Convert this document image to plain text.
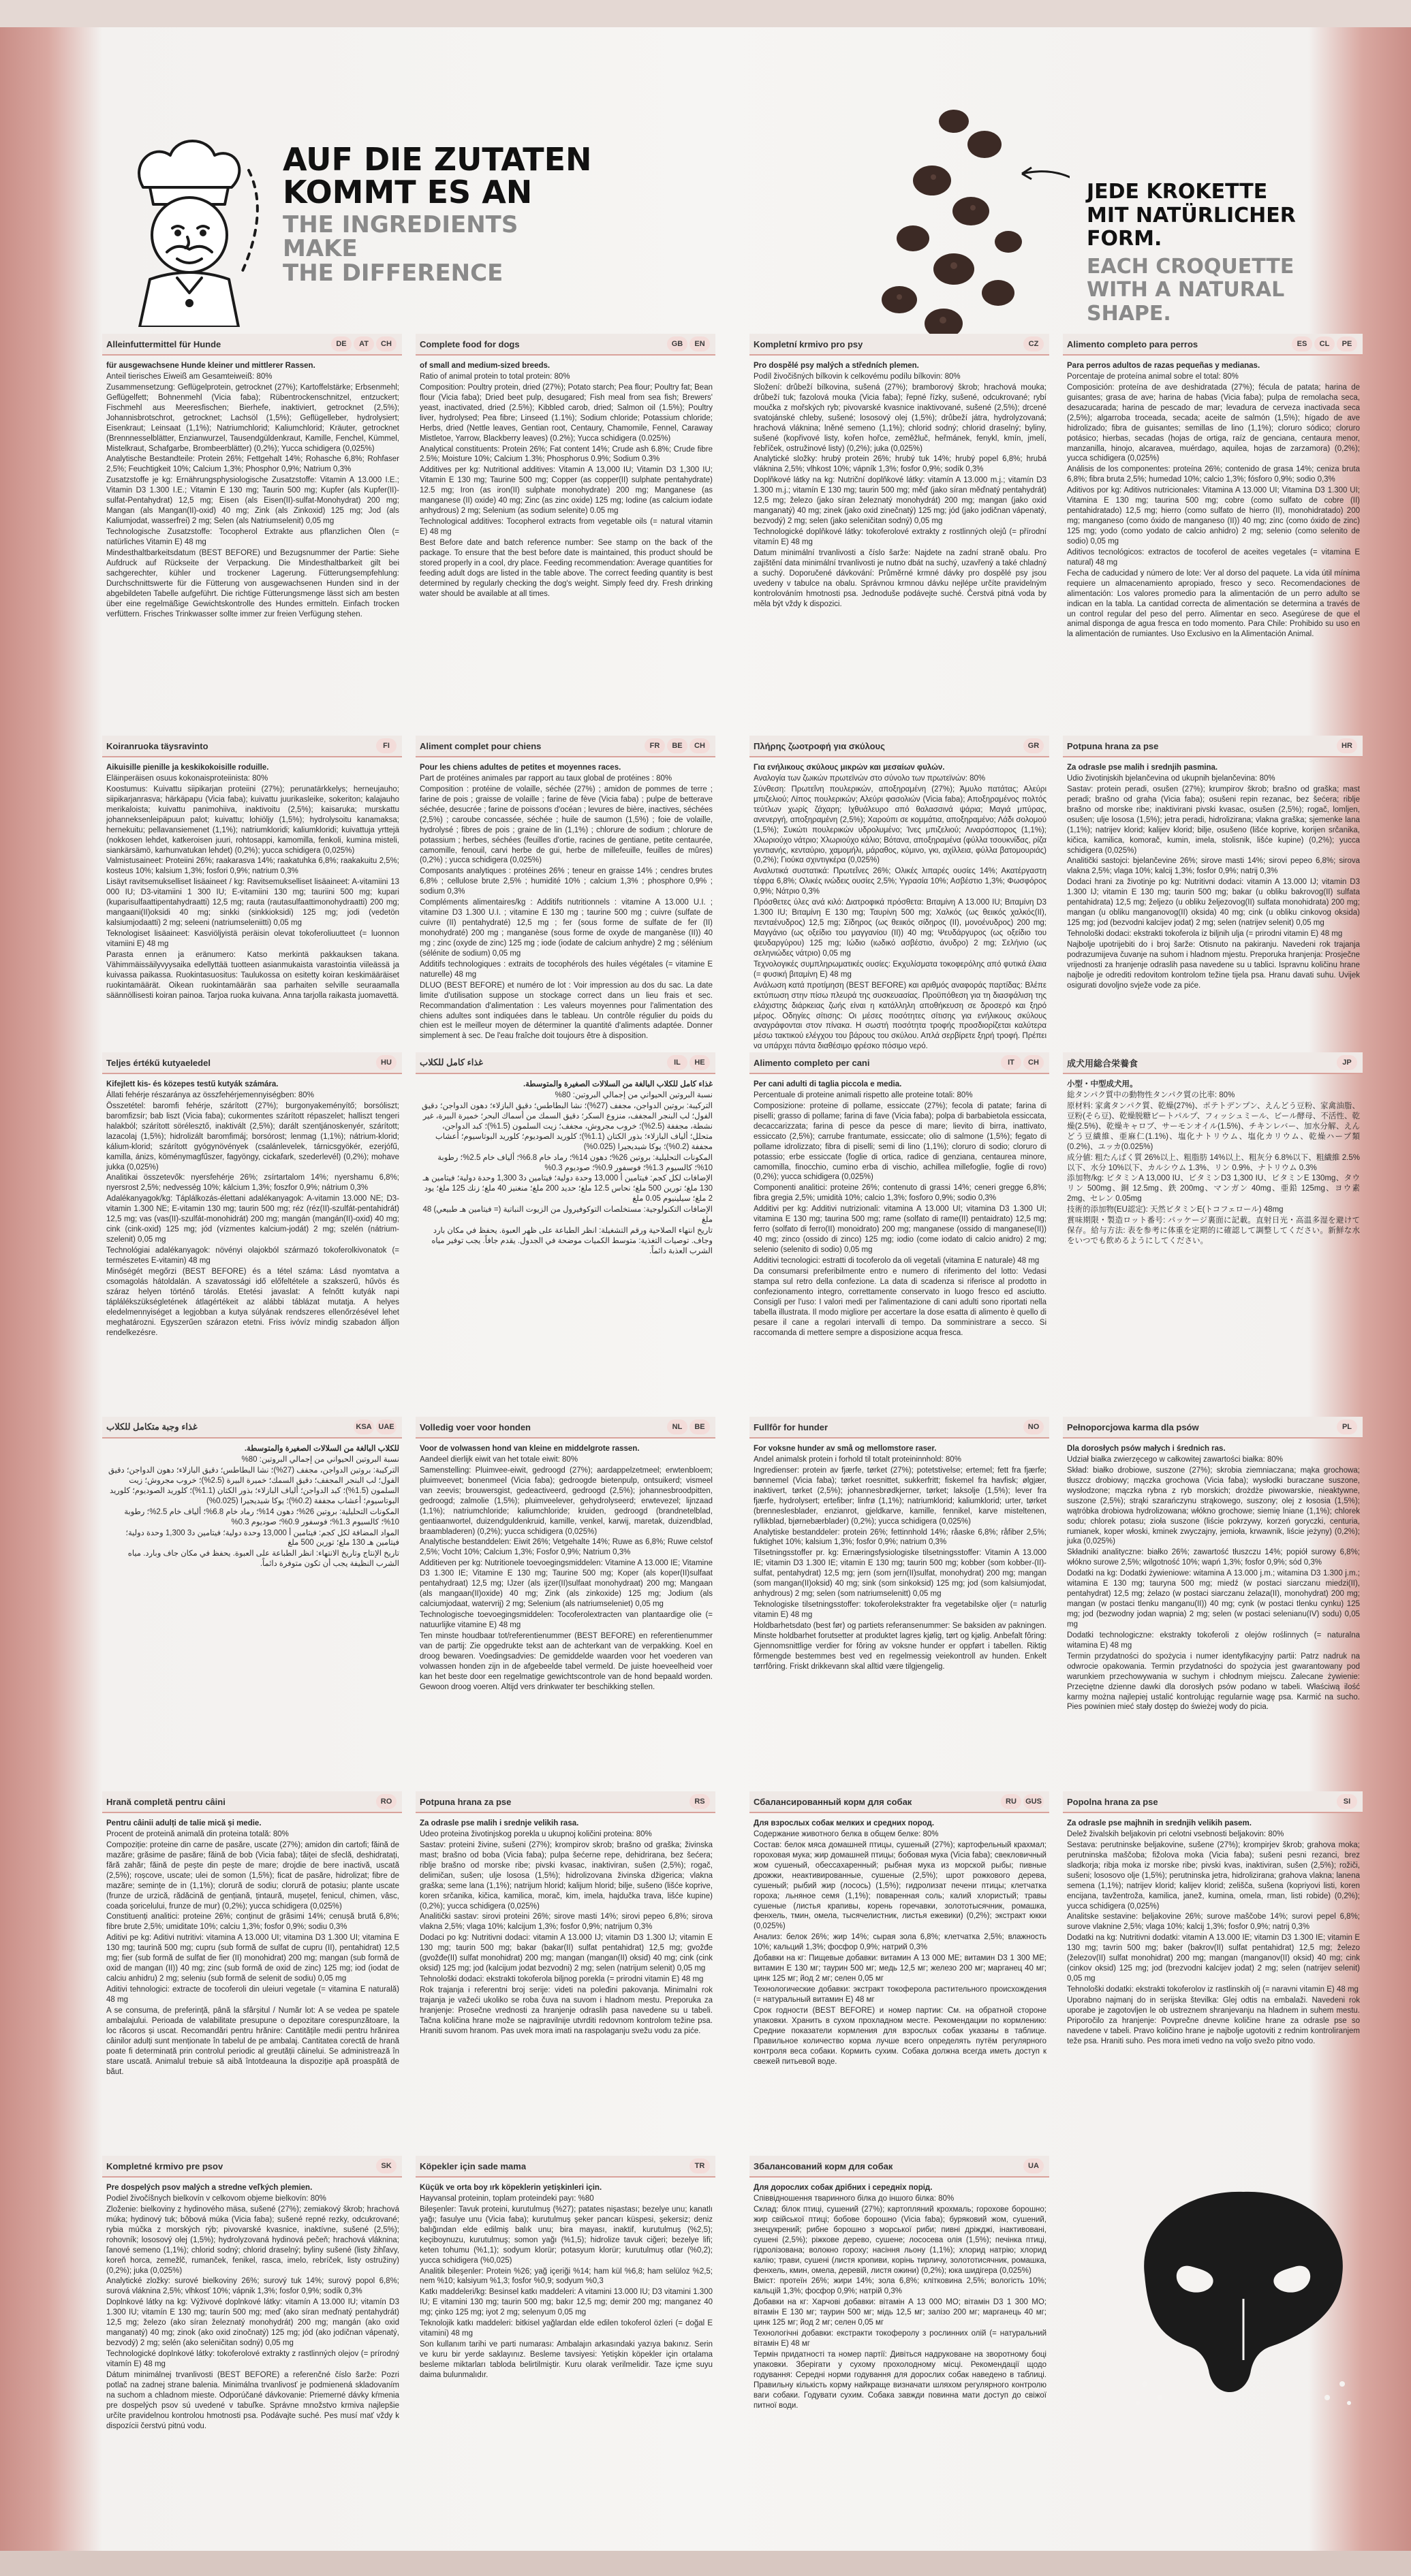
AUF DIE ZUTATEN
KOMMT ES AN
THE INGREDIENTS MAKE
THE DIFFERENCE
JEDE KROKETTE
MIT NATÜRLICHER FORM.
EACH CROQUETTE
WITH A NATURAL SHAPE.
Alleinfuttermittel für Hunde	DE	AT	CH
für ausgewachsene Hunde kleiner und mittlerer Rassen.
Anteil tierisches Eiweiß am Gesamteiweiß: 80%
Zusammensetzung: Geflügelprotein, getrocknet (27%); Kartoffelstärke; Erbsenmehl; Geflügelfett; Bohnenmehl (Vicia faba); Rübentrockenschnitzel, entzuckert; Fischmehl aus Meeresfischen; Bierhefe, inaktiviert, getrocknet (2,5%); Johannisbrotschrot, getrocknet; Lachsöl (1,5%); Geflügelleber, hydrolysiert; Eisenkraut; Leinsaat (1,1%); Natriumchlorid; Kaliumchlorid; Kräuter, getrocknet (Brennnesselblätter, Enzianwurzel, Tausendgüldenkraut, Kamille, Fenchel, Kümmel, Mistelkraut, Schafgarbe, Brombeerblätter) (0,2%); Yucca schidigera (0,025%)
Analytische Bestandteile: Protein 26%; Fettgehalt 14%; Rohasche 6,8%; Rohfaser 2,5%; Feuchtigkeit 10%; Calcium 1,3%; Phosphor 0,9%; Natrium 0,3%
Zusatzstoffe je kg: Ernährungsphysiologische Zusatzstoffe: Vitamin A 13.000 I.E.; Vitamin D3 1.300 I.E.; Vitamin E 130 mg; Taurin 500 mg; Kupfer (als Kupfer(II)-sulfat-Pentahydrat) 12,5 mg; Eisen (als Eisen(II)-sulfat-Monohydrat) 200 mg; Mangan (als Mangan(II)-oxid) 40 mg; Zink (als Zinkoxid) 125 mg; Jod (als Kaliumjodat, wasserfrei) 2 mg; Selen (als Natriumselenit) 0,05 mg
Technologische Zusatzstoffe: Tocopherol Extrakte aus pflanzlichen Ölen (= natürliches Vitamin E) 48 mg
Mindesthaltbarkeitsdatum (BEST BEFORE) und Bezugsnummer der Partie: Siehe Aufdruck auf Rückseite der Verpackung. Die Mindesthaltbarkeit gilt bei sachgerechter, kühler und trockener Lagerung. Fütterungsempfehlung: Durchschnittswerte für die Fütterung von ausgewachsenen Hunden sind in der abgebildeten Tabelle aufgeführt. Die richtige Fütterungsmenge lässt sich am besten über eine regelmäßige Gewichtskontrolle des Hundes ermitteln. Einfach trocken verfüttern. Frisches Trinkwasser sollte immer zur freien Verfügung stehen.
Complete food for dogs	GB	EN
of small and medium-sized breeds.
Ratio of animal protein to total protein: 80%
Composition: Poultry protein, dried (27%); Potato starch; Pea flour; Poultry fat; Bean flour (Vicia faba); Dried beet pulp, desugared; Fish meal from sea fish; Brewers' yeast, inactivated, dried (2.5%); Kibbled carob, dried; Salmon oil (1.5%); Poultry liver, hydrolysed; Pea fibre; Linseed (1.1%); Sodium chloride; Potassium chloride; Herbs, dried (Nettle leaves, Gentian root, Centaury, Chamomile, Fennel, Caraway Mistletoe, Yarrow, Blackberry leaves) (0.2%); Yucca schidigera (0.025%)
Analytical constituents: Protein 26%; Fat content 14%; Crude ash 6.8%; Crude fibre 2.5%; Moisture 10%; Calcium 1.3%; Phosphorus 0.9%; Sodium 0.3%
Additives per kg: Nutritional additives: Vitamin A 13,000 IU; Vitamin D3 1,300 IU; Vitamin E 130 mg; Taurine 500 mg; Copper (as copper(II) sulphate pentahydrate) 12.5 mg; Iron (as iron(II) sulphate monohydrate) 200 mg; Manganese (as manganese (II) oxide) 40 mg; Zinc (as zinc oxide) 125 mg; Iodine (as calcium iodate anhydrous) 2 mg; Selenium (as sodium selenite) 0.05 mg
Technological additives: Tocopherol extracts from vegetable oils (= natural vitamin E) 48 mg
Best Before date and batch reference number: See stamp on the back of the package. To ensure that the best before date is maintained, this product should be stored properly in a cool, dry place. Feeding recommendation: Average quantities for feeding adult dogs are listed in the table above. The correct feeding quantity is best determined by regularly checking the dog's weight. Simply feed dry. Fresh drinking water should be available at all times.
Kompletní krmivo pro psy	CZ
Pro dospělé psy malých a středních plemen.
Podíl živočišných bílkovin k celkovému podílu bílkovin: 80%
Složení: drůbeží bílkovina, sušená (27%); bramborový škrob; hrachová mouka; drůbeží tuk; fazolová mouka (Vicia faba); řepné řízky, sušené, odcukrované; rybí moučka z mořských ryb; pivovarské kvasnice inaktivované, sušené (2,5%); drcené svatojánské chleby, sušené; lososový olej (1,5%); drůbeží játra, hydrolyzovaná; hrachová vláknina; lněné semeno (1,1%); chlorid sodný; chlorid draselný; byliny, sušené (kopřivové listy, kořen hořce, zeměžluč, heřmánek, fenykl, kmín, jmelí, řebříček, ostružinové listy) (0,2%); juka (0,025%)
Analytické složky: hrubý protein 26%; hrubý tuk 14%; hrubý popel 6,8%; hrubá vláknina 2,5%; vlhkost 10%; vápník 1,3%; fosfor 0,9%; sodík 0,3%
Doplňkové látky na kg: Nutriční doplňkové látky: vitamín A 13.000 m.j.; vitamín D3 1.300 m.j.; vitamín E 130 mg; taurin 500 mg; měď (jako síran měďnatý pentahydrát) 12,5 mg; železo (jako síran železnatý monohydrát) 200 mg; mangan (jako oxid manganatý) 40 mg; zinek (jako oxid zinečnatý) 125 mg; jód (jako jodičnan vápenatý, bezvodý) 2 mg; selen (jako seleničitan sodný) 0,05 mg
Technologické doplňkové látky: tokoferolové extrakty z rostlinných olejů (= přírodní vitamín E) 48 mg
Datum minimální trvanlivosti a číslo šarže: Najdete na zadní straně obalu. Pro zajištění data minimální trvanlivosti je nutno dbát na suchý, uzavřený a také chladný a suchý. Doporučené dávkování: Průměrné krmné dávky pro dospělé psy jsou uvedeny v tabulce na obalu. Správnou krmnou dávku nejlépe určíte pravidelným kontrolováním hmotnosti psa. Jednoduše podávejte suché. Čerstvá pitná voda by měla být vždy k dispozici.
Alimento completo para perros	ES	CL	PE
Para perros adultos de razas pequeñas y medianas.
Porcentaje de proteína animal sobre el total: 80%
Composición: proteína de ave deshidratada (27%); fécula de patata; harina de guisantes; grasa de ave; harina de habas (Vicia faba); pulpa de remolacha seca, desazucarada; harina de pescado de mar; levadura de cerveza inactivada seca (2,5%); algarroba troceada, secada; aceite de salmón (1,5%); hígado de ave hidrolizado; fibra de guisantes; semillas de lino (1,1%); cloruro sódico; cloruro potásico; hierbas, secadas (hojas de ortiga, raíz de genciana, centaura menor, manzanilla, hinojo, alcaravea, muérdago, aquilea, hojas de zarzamora) (0,2%); yucca schidigera (0,025%)
Análisis de los componentes: proteína 26%; contenido de grasa 14%; ceniza bruta 6,8%; fibra bruta 2,5%; humedad 10%; calcio 1,3%; fósforo 0,9%; sodio 0,3%
Aditivos por kg: Aditivos nutricionales: Vitamina A 13.000 UI; Vitamina D3 1.300 UI; Vitamina E 130 mg; taurina 500 mg; cobre (como sulfato de cobre (II) pentahidratado) 12,5 mg; hierro (como sulfato de hierro (II), monohidratado) 200 mg; manganeso (como óxido de manganeso (II)) 40 mg; zinc (como óxido de zinc) 125 mg; yodo (como yodato de calcio anhidro) 2 mg; selenio (como selenito de sodio) 0,05 mg
Aditivos tecnológicos: extractos de tocoferol de aceites vegetales (= vitamina E natural) 48 mg
Fecha de caducidad y número de lote: Ver al dorso del paquete. La vida útil mínima requiere un almacenamiento apropiado, fresco y seco. Recomendaciones de alimentación: Los valores promedio para la alimentación de un perro adulto se indican en la tabla. La cantidad correcta de alimentación se determina a través de un control regular del peso del perro. Alimentar en seco. Asegúrese de que el animal disponga de agua fresca en todo momento. Para Chile: Prohibido su uso en la alimentación de rumiantes. Uso Exclusivo en la Alimentación Animal.
Koiranruoka täysravinto	FI
Aikuisille pienille ja keskikokoisille roduille.
Eläinperäisen osuus kokonaisproteiinista: 80%
Koostumus: Kuivattu siipikarjan proteiini (27%); perunatärkkelys; herneujauho; siipikarjanrasva; härkäpapu (Vicia faba); kuivattu juurikasleike, sokeriton; kalajauho merikaloista; kuivattu panimohiiva, inaktivoitu (2,5%); kaisaruka; murskattu johanneksenleipäpuun palot; kuivattu; lohiöljy (1,5%); hydrolysoitu kanamaksa; hernekuitu; pellavansiemenet (1,1%); natriumkloridi; kaliumkloridi; kuivattuja yrttejä (nokkosen lehdet, katkeroisen juuri, rohtosappi, kamomilla, fenkoli, kumina misteli, siankärsämö, karhunvatukan lehdet) (0,2%); yucca schidigera (0,025%)
Valmistusaineet: Proteiini 26%; raakarasva 14%; raakatuhka 6,8%; raakakuitu 2,5%; kosteus 10%; kalsium 1,3%; fosfori 0,9%; natrium 0,3%
Lisäyt ravitsemukselliset lisäaineet / kg: Ravitsemukselliset lisäaineet: A-vitamiini 13 000 IU; D3-vitamiini 1 300 IU; E-vitamiini 130 mg; tauriini 500 mg; kupari (kuparisulfaattipentahydraatti) 12,5 mg; rauta (rautasulfaattimonohydraatti) 200 mg; mangaani(II)oksidi 40 mg; sinkki (sinkkioksidi) 125 mg; jodi (vedetön kalsiumjodaatti) 2 mg; seleeni (natriumseleniitti) 0,05 mg
Teknologiset lisäaineet: Kasviöljyistä peräisin olevat tokoferoliuutteet (= luonnon vitamiini E) 48 mg
Parasta ennen ja eränumero: Katso merkintä pakkauksen takana. Vähimmäissäilyvyysaika edellyttää tuotteen asianmukaista varastointia viileässä ja kuivassa paikassa. Ruokintasuositus: Taulukossa on esitetty koiran keskimääräiset ruokintamäärät. Oikean ruokintamäärän saa parhaiten selville seuraamalla säännöllisesti koiran painoa. Tarjoa ruoka kuivana. Anna tarjolla raikasta juomavettä.
Aliment complet pour chiens	FR	BE	CH
Pour les chiens adultes de petites et moyennes races.
Part de protéines animales par rapport au taux global de protéines : 80%
Composition : protéine de volaille, séchée (27%) ; amidon de pommes de terre ; farine de pois ; graisse de volaille ; farine de fève (Vicia faba) ; pulpe de betterave séchée, desucrée ; farine de poissons d'océan ; levures de bière, inactives, séchées (2,5%) ; caroube concassée, séchée ; huile de saumon (1,5%) ; foie de volaille, hydrolysé ; fibres de pois ; graine de lin (1,1%) ; chlorure de sodium ; chlorure de potassium ; herbes, séchées (feuilles d'ortie, racines de gentiane, petite centaurée, camomille, fenouil, carvi herbe de gui, herbe de millefeuille, feuilles de mûres) (0,2%) ; yucca schidigera (0,025%)
Composants analytiques : protéines 26% ; teneur en graisse 14% ; cendres brutes 6,8% ; cellulose brute 2,5% ; humidité 10% ; calcium 1,3% ; phosphore 0,9% ; sodium 0,3%
Compléments alimentaires/kg : Additifs nutritionnels : vitamine A 13.000 U.I. ; vitamine D3 1.300 U.I. ; vitamine E 130 mg ; taurine 500 mg ; cuivre (sulfate de cuivre (II) pentahydraté) 12,5 mg ; fer (sous forme de sulfate de fer (II) monohydraté) 200 mg ; manganèse (sous forme de oxyde de manganèse (II)) 40 mg ; zinc (oxyde de zinc) 125 mg ; iode (iodate de calcium anhydre) 2 mg ; sélénium (sélénite de sodium) 0,05 mg
Additifs technologiques : extraits de tocophérols des huiles végétales (= vitamine E naturelle) 48 mg
DLUO (BEST BEFORE) et numéro de lot : Voir impression au dos du sac. La date limite d'utilisation suppose un stockage correct dans un lieu frais et sec. Recommandation d'alimentation : Les valeurs moyennes pour l'alimentation des chiens adultes sont indiquées dans le tableau. Un contrôle régulier du poids du chien est le meilleur moyen de déterminer la quantité d'aliments adaptée. Donner simplement à sec. De l'eau fraîche doit toujours être à disposition.
Πλήρης ζωοτροφή για σκύλους	GR
Για ενήλικους σκύλους μικρών και μεσαίων φυλών.
Αναλογία των ζωικών πρωτεϊνών στο σύνολο των πρωτεϊνών: 80%
Σύνθεση: Πρωτεΐνη πουλερικών, αποξηραμένη (27%); Άμυλο πατάτας; Αλεύρι μπιζελιού; Λίπος πουλερικών; Αλεύρι φασολιών (Vicia faba); Αποξηραμένος πολτός τεύτλων χωρίς ζάχαρη; Ιχθυάλευρο από θαλασσινά ψάρια; Μαγιά μπύρας, ανενεργή, αποξηραμένη (2,5%); Χαρούπι σε κομμάτια, αποξηραμένο; Λάδι σολομού (1,5%); Συκώτι πουλερικών υδρολυμένο; Ίνες μπιζελιού; Λιναρόσπορος (1,1%); Χλωριούχο νάτριο; Χλωριούχο κάλιο; Βότανα, αποξηραμένα (φύλλα τσουκνίδας, ρίζα γεντιανής, κενταύριο, χαμομήλι, μάραθος, κύμινο, γκι, αχίλλεια, φύλλα βατομουριάς) (0,2%); Γιούκα σχιντιγκέρα (0,025%)
Αναλυτικά συστατικά: Πρωτεΐνες 26%; Ολικές λιπαρές ουσίες 14%; Ακατέργαστη τέφρα 6,8%; Ολικές ινώδεις ουσίες 2,5%; Υγρασία 10%; Ασβέστιο 1,3%; Φωσφόρος 0,9%; Νάτριο 0,3%
Πρόσθετες ύλες ανά κιλό: Διατροφικά πρόσθετα: Βιταμίνη A 13.000 IU; Βιταμίνη D3 1.300 IU; Βιταμίνη E 130 mg; Ταυρίνη 500 mg; Χαλκός (ως θειικός χαλκός(II), πενταένυδρος) 12,5 mg; Σίδηρος (ως θειικός σίδηρος (II), μονοένυδρος) 200 mg; Μαγγάνιο (ως οξείδιο του μαγγανίου (II)) 40 mg; Ψευδάργυρος (ως οξείδιο του ψευδαργύρου) 125 mg; Ιώδιο (ιωδικό ασβέστιο, άνυδρο) 2 mg; Σελήνιο (ως σεληνιώδες νάτριο) 0,05 mg
Τεχνολογικές συμπληρωματικές ουσίες: Εκχυλίσματα τοκοφερόλης από φυτικά έλαια (= φυσική βιταμίνη E) 48 mg
Ανάλωση κατά προτίμηση (BEST BEFORE) και αριθμός αναφοράς παρτίδας: Βλέπε εκτύπωση στην πίσω πλευρά της συσκευασίας. Προϋπόθεση για τη διασφάλιση της ελάχιστης διάρκειας ζωής είναι η κατάλληλη αποθήκευση σε δροσερό και ξηρό μέρος. Οδηγίες σίτισης: Οι μέσες ποσότητες σίτισης για ενήλικους σκύλους αναγράφονται στον πίνακα. Η σωστή ποσότητα τροφής προσδιορίζεται καλύτερα μέσω τακτικού ελέγχου του βάρους του σκύλου. Απλά σερβίρετε ξηρή τροφή. Πρέπει να υπάρχει πάντα διαθέσιμο φρέσκο πόσιμο νερό.
Potpuna hrana za pse	HR
Za odrasle pse malih i srednjih pasmina.
Udio životinjskih bjelančevina od ukupnih bjelančevina: 80%
Sastav: protein peradi, osušen (27%); krumpirov škrob; brašno od graška; mast peradi; brašno od graha (Vicia faba); osušeni repin rezanac, bez šećera; riblje brašno od morske ribe; inaktivirani pivski kvasac, osušen (2,5%); rogač, lomljen, osušen; ulje lososa (1,5%); jetra peradi, hidrolizirana; vlakna graška; sjemenke lana (1,1%); natrijev klorid; kalijev klorid; bilje, osušeno (lišće koprive, korijen srčanika, kičica, kamilica, komorač, kumin, imela, stolisnik, lišće kupine) (0,2%); yucca schidigera (0,025%)
Analitički sastojci: bjelančevine 26%; sirove masti 14%; sirovi pepeo 6,8%; sirova vlakna 2,5%; vlaga 10%; kalcij 1,3%; fosfor 0,9%; natrij 0,3%
Dodaci hrani za životinje po kg: Nutritivni dodaci: vitamin A 13.000 IJ; vitamin D3 1.300 IJ; vitamin E 130 mg; taurin 500 mg; bakar (u obliku bakrovog(II) sulfata pentahidrata) 12,5 mg; željezo (u obliku željezovog(II) sulfata monohidrata) 200 mg; mangan (u obliku manganovog(II) oksida) 40 mg; cink (u obliku cinkovog oksida) 125 mg; jod (bezvodni kalcijev jodat) 2 mg; selen (natrijev selenit) 0,05 mg
Tehnološki dodaci: ekstrakti tokoferola iz biljnih ulja (= prirodni vitamin E) 48 mg
Najbolje upotrijebiti do i broj šarže: Otisnuto na pakiranju. Navedeni rok trajanja podrazumijeva čuvanje na suhom i hladnom mjestu. Preporuka hranjenja: Prosječne vrijednosti za hranjenje odraslih pasa navedene su u tablici. Ispravnu količinu hrane najbolje je odrediti redovitom kontrolom težine tijela psa. Hranu davati suhu. Uvijek osigurati dovoljno svježe vode za piće.
Teljes értékű kutyaeledel	HU
Kifejlett kis- és közepes testű kutyák számára.
Állati fehérje részaránya az összfehérjemennyiségben: 80%
Összetétel: baromfi fehérje, szárított (27%); burgonyakeményítő; borsóliszt; baromfizsír; bab liszt (Vicia faba); cukormentes szárított répaszelet; halliszt tengeri halakból; szárított sörélesztő, inaktivált (2,5%); darált szentjánoskenyér, szárított; lazacolaj (1,5%); hidrolizált baromfimáj; borsórost; lenmag (1,1%); nátrium-klorid; kálium-klorid; szárított gyógynövények (csalánlevelek, tárnicsgyökér, ezerjófű, kamilla, ánizs, köménymagfűszer, fagyöngy, cickafark, szederlevél) (0,2%); mohave jukka (0,025%)
Analitikai összetevők: nyersfehérje 26%; zsírtartalom 14%; nyershamu 6,8%; nyersrost 2,5%; nedvesség 10%; kálcium 1,3%; foszfor 0,9%; nátrium 0,3%
Adalékanyagok/kg: Táplálkozás-élettani adalékanyagok: A-vitamin 13.000 NE; D3-vitamin 1.300 NE; E-vitamin 130 mg; taurin 500 mg; réz (réz(II)-szulfát-pentahidrát) 12,5 mg; vas (vas(II)-szulfát-monohidrát) 200 mg; mangán (mangán(II)-oxid) 40 mg; cink (cink-oxid) 125 mg; jód (vízmentes kalcium-jodát) 2 mg; szelén (nátrium-szelenit) 0,05 mg
Technológiai adalékanyagok: növényi olajokból származó tokoferolkivonatok (= természetes E-vitamin) 48 mg
Minőségét megőrzi (BEST BEFORE) és a tétel száma: Lásd nyomtatva a csomagolás hátoldalán. A szavatossági idő előfeltétele a szakszerű, hűvös és száraz helyen történő tárolás. Etetési javaslat: A felnőtt kutyák napi táplálékszükségletének átlagértékeit az alábbi táblázat mutatja. A helyes eledelmennyiséget a legjobban a kutya súlyának rendszeres ellenőrzésével lehet meghatározni. Egyszerűen szárazon etetni. Friss ivóvíz mindig szabadon álljon rendelkezésre.
غذاء كامل للكلاب	IL	HE
غذاء كامل للكلاب البالغة من السلالات الصغيرة والمتوسطة.
نسبة البروتين الحيواني من إجمالي البروتين: 80%
التركيبة: بروتين الدواجن، مجفف (27%)؛ نشا البطاطس؛ دقيق البازلاء؛ دهون الدواجن؛ دقيق الفول؛ لب البنجر المجفف، منزوع السكر؛ دقيق السمك من أسماك البحر؛ خميرة البيرة، غير نشطة، مجففة (2.5%)؛ خروب مجروش، مجفف؛ زيت السلمون (1.5%)؛ كبد الدواجن، متحلل؛ ألياف البازلاء؛ بذور الكتان (1.1%)؛ كلوريد الصوديوم؛ كلوريد البوتاسيوم؛ أعشاب مجففة (0.2%)؛ يوكا شيديجيرا (0.025%)
المكونات التحليلية: بروتين 26%؛ دهون 14%؛ رماد خام 6.8%؛ ألياف خام 2.5%؛ رطوبة 10%؛ كالسيوم 1.3%؛ فوسفور 0.9%؛ صوديوم 0.3%
الإضافات لكل كجم: فيتامين أ 13,000 وحدة دولية؛ فيتامين د3 1,300 وحدة دولية؛ فيتامين هـ 130 ملغ؛ تورين 500 ملغ؛ نحاس 12.5 ملغ؛ حديد 200 ملغ؛ منغنيز 40 ملغ؛ زنك 125 ملغ؛ يود 2 ملغ؛ سيلينيوم 0.05 ملغ
الإضافات التكنولوجية: مستخلصات التوكوفيرول من الزيوت النباتية (= فيتامين هـ طبيعي) 48 ملغ
تاريخ انتهاء الصلاحية ورقم التشغيلة: انظر الطباعة على ظهر العبوة. يحفظ في مكان بارد وجاف. توصيات التغذية: متوسط الكميات موضحة في الجدول. يقدم جافاً. يجب توفير مياه الشرب العذبة دائماً.
Alimento completo per cani	IT	CH
Per cani adulti di taglia piccola e media.
Percentuale di proteine animali rispetto alle proteine totali: 80%
Composizione: proteine di pollame, essiccate (27%); fecola di patate; farina di piselli; grasso di pollame; farina di fave (Vicia faba); polpa di barbabietola essiccata, decaccarizzata; farina di pesce da pesce di mare; lievito di birra, inattivato, essiccato (2,5%); carrube frantumate, essiccate; olio di salmone (1,5%); fegato di pollame idrolizzato; fibra di piselli; semi di lino (1,1%); cloruro di sodio; cloruro di potassio; erbe essiccate (foglie di ortica, radice di genziana, centaurea minore, camomilla, finocchio, cumino erba di vischio, achillea millefoglie, foglie di rovo) (0,2%); yucca schidigera (0,025%)
Componenti analitici: proteine 26%; contenuto di grassi 14%; ceneri gregge 6,8%; fibra gregia 2,5%; umidità 10%; calcio 1,3%; fosforo 0,9%; sodio 0,3%
Additivi per kg: Additivi nutrizionali: vitamina A 13.000 UI; vitamina D3 1.300 UI; vitamina E 130 mg; taurina 500 mg; rame (solfato di rame(II) pentaidrato) 12,5 mg; ferro (solfato di ferro(II) monoidrato) 200 mg; manganese (ossido di manganese(II)) 40 mg; zinco (ossido di zinco) 125 mg; iodio (come iodato di calcio anidro) 2 mg; selenio (selenito di sodio) 0,05 mg
Additivi tecnologici: estratti di tocoferolo da oli vegetali (vitamina E naturale) 48 mg
Da consumarsi preferibilmente entro e numero di riferimento del lotto: Vedasi stampa sul retro della confezione. La data di scadenza si riferisce al prodotto in confezionamento integro, correttamente conservato in luogo fresco ed asciutto. Consigli per l'uso: I valori medi per l'alimentazione di cani adulti sono riportati nella tabella illustrata. Il modo migliore per accertare la dose esatta di alimento è quello di pesare il cane a regolari intervalli di tempo. Da somministrare a secco. Si raccomanda di mettere sempre a disposizione acqua fresca.
成犬用総合栄養食	JP
小型・中型成犬用。
総タンパク質中の動物性タンパク質の比率: 80%
原材料: 家禽タンパク質、乾燥(27%)、ポテトデンプン、えんどう豆粉、家禽油脂、豆粉(そら豆)、乾燥脱糖ビートパルプ、フィッシュミール、ビール酵母、不活性、乾燥(2.5%)、乾燥キャロブ、サーモンオイル(1.5%)、チキンレバー、加水分解、えんどう豆繊維、亜麻仁(1.1%)、塩化ナトリウム、塩化カリウム、乾燥ハーブ類(0.2%)、ユッカ(0.025%)
成分値: 粗たんぱく質 26%以上、粗脂肪 14%以上、粗灰分 6.8%以下、粗繊維 2.5%以下、水分 10%以下、カルシウム 1.3%、リン 0.9%、ナトリウム 0.3%
添加物/kg: ビタミンA 13,000 IU、ビタミンD3 1,300 IU、ビタミンE 130mg、タウリン 500mg、銅 12.5mg、鉄 200mg、マンガン 40mg、亜鉛 125mg、ヨウ素 2mg、セレン 0.05mg
技術的添加物(EU認定): 天然ビタミンE(トコフェロール) 48mg
賞味期限・製造ロット番号: パッケージ裏面に記載。直射日光・高温多湿を避けて保存。給与方法: 表を参考に体重を定期的に確認して調整してください。新鮮な水をいつでも飲めるようにしてください。
غذاء وجبة متكامل للكلاب	KSA UAE
للكلاب البالغة من السلالات الصغيرة والمتوسطة.
نسبة البروتين الحيواني من إجمالي البروتين: 80%
التركيبة: بروتين الدواجن، مجفف (27%)؛ نشا البطاطس؛ دقيق البازلاء؛ دهون الدواجن؛ دقيق الفول؛ لب البنجر المجفف؛ دقيق السمك؛ خميرة البيرة (2.5%)؛ خروب مجروش؛ زيت السلمون (1.5%)؛ كبد الدواجن؛ ألياف البازلاء؛ بذور الكتان (1.1%)؛ كلوريد الصوديوم؛ كلوريد البوتاسيوم؛ أعشاب مجففة (0.2%)؛ يوكا شيديجيرا (0.025%)
المكونات التحليلية: بروتين 26%؛ دهون 14%؛ رماد خام 6.8%؛ ألياف خام 2.5%؛ رطوبة 10%؛ كالسيوم 1.3%؛ فوسفور 0.9%؛ صوديوم 0.3%
المواد المضافة لكل كجم: فيتامين أ 13,000 وحدة دولية؛ فيتامين د3 1,300 وحدة دولية؛ فيتامين هـ 130 ملغ؛ تورين 500 ملغ
تاريخ الإنتاج وتاريخ الانتهاء: انظر الطباعة على العبوة. يحفظ في مكان جاف وبارد. مياه الشرب النظيفة يجب أن تكون متوفرة دائماً.
Volledig voer voor honden	NL	BE
Voor de volwassen hond van kleine en middelgrote rassen.
Aandeel dierlijk eiwit van het totale eiwit: 80%
Samenstelling: Pluimvee-eiwit, gedroogd (27%); aardappelzetmeel; erwtenbloem; pluimveevet; bonenmeel (Vicia faba); gedroogde bietenpulp, ontsuikerd; vismeel van zeevis; brouwersgist, gedeactiveerd, gedroogd (2,5%); johannesbroodpitten, gedroogd; zalmolie (1,5%); pluimveelever, gehydrolyseerd; erwtevezel; lijnzaad (1,1%); natriumchloride; kaliumchloride; kruiden, gedroogd (brandnetelblad, gentiaanwortel, duizendguldenkruid, kamille, venkel, karwij, maretak, duizendblad, braambladeren) (0,2%); yucca schidigera (0,025%)
Analytische bestanddelen: Eiwit 26%; Vetgehalte 14%; Ruwe as 6,8%; Ruwe celstof 2,5%; Vocht 10%; Calcium 1,3%; Fosfor 0,9%; Natrium 0,3%
Additieven per kg: Nutritionele toevoegingsmiddelen: Vitamine A 13.000 IE; Vitamine D3 1.300 IE; Vitamine E 130 mg; Taurine 500 mg; Koper (als koper(II)sulfaat pentahydraat) 12,5 mg; IJzer (als ijzer(II)sulfaat monohydraat) 200 mg; Mangaan (als mangaan(II)oxide) 40 mg; Zink (als zinkoxide) 125 mg; Jodium (als calciumjodaat, watervrij) 2 mg; Selenium (als natriumseleniet) 0,05 mg
Technologische toevoegingsmiddelen: Tocoferolextracten van plantaardige olie (= natuurlijke vitamine E) 48 mg
Ten minste houdbaar tot/referentienummer (BEST BEFORE) en referentienummer van de partij: Zie opgedrukte tekst aan de achterkant van de verpakking. Koel en droog bewaren. Voedingsadvies: De gemiddelde waarden voor het voederen van volwassen honden zijn in de afgebeelde tabel vermeld. De juiste hoeveelheid voer kan het beste door een regelmatige gewichtscontrole van de hond bepaald worden. Gewoon droog voeren. Altijd vers drinkwater ter beschikking stellen.
Fullfôr for hunder	NO
For voksne hunder av små og mellomstore raser.
Andel animalsk protein i forhold til totalt proteininnhold: 80%
Ingredienser: protein av fjærfe, tørket (27%); potetstivelse; ertemel; fett fra fjærfe; bønnemel (Vicia faba); tørket roesnittet, sukkerfritt; fiskemel fra havfisk; ølgjær, inaktivert, tørket (2,5%); johannesbrødkjerner, tørket; laksolje (1,5%); lever fra fjærfe, hydrolysert; ertefiber; linfrø (1,1%); natriumklorid; kaliumklorid; urter, tørket (brenneslesblader, enzianrot, gjeldkarve, kamille, fennikel, karve misteltenen, ryllikblad, bjørnebærblader) (0,2%); yucca schidigera (0,025%)
Analytiske bestanddeler: protein 26%; fettinnhold 14%; råaske 6,8%; råfiber 2,5%; fuktighet 10%; kalsium 1,3%; fosfor 0,9%; natrium 0,3%
Tilsetningsstoffer pr. kg: Ernæringsfysiologiske tilsetningsstoffer: Vitamin A 13.000 IE; vitamin D3 1.300 IE; vitamin E 130 mg; taurin 500 mg; kobber (som kobber-(II)-sulfat, pentahydrat) 12,5 mg; jern (som jern(II)sulfat, monohydrat) 200 mg; mangan (som mangan(II)oksid) 40 mg; sink (som sinkoksid) 125 mg; jod (som kalsiumjodat, anhydrous) 2 mg; selen (som natriumselenitt) 0,05 mg
Teknologiske tilsetningsstoffer: tokoferolekstrakter fra vegetabilske oljer (= naturlig vitamin E) 48 mg
Holdbarhetsdato (best før) og partiets referansenummer: Se baksiden av pakningen. Minste holdbarhet forutsetter at produktet lagres kjølig, tørt og kjølig. Anbefalt fôring: Gjennomsnittlige verdier for fôring av voksne hunder er oppført i tabellen. Riktig fôrmengde bestemmes best ved en regelmessig veiekontroll av hunden. Enkelt tørrfôring. Friskt drikkevann skal alltid være tilgjengelig.
Pełnoporcjowa karma dla psów	PL
Dla dorosłych psów małych i średnich ras.
Udział białka zwierzęcego w całkowitej zawartości białka: 80%
Skład: białko drobiowe, suszone (27%); skrobia ziemniaczana; mąka grochowa; tłuszcz drobiowy; mączka grochowa (Vicia faba); wysłodki buraczane suszone, wysłodzone; mączka rybna z ryb morskich; drożdże piwowarskie, nieaktywne, suszone (2,5%); strąki szarańczynu strąkowego, suszony; olej z łososia (1,5%); wątróbka drobiowa hydrolizowana; włókno grochowe; siemię lniane (1,1%); chlorek sodu; chlorek potasu; zioła suszone (liście pokrzywy, korzeń goryczki, centuria, rumianek, koper włoski, kminek zwyczajny, jemioła, krwawnik, liście jeżyny) (0,2%); juka (0,025%)
Składniki analityczne: białko 26%; zawartość tłuszczu 14%; popiół surowy 6,8%; włókno surowe 2,5%; wilgotność 10%; wapń 1,3%; fosfor 0,9%; sód 0,3%
Dodatki na kg: Dodatki żywieniowe: witamina A 13.000 j.m.; witamina D3 1.300 j.m.; witamina E 130 mg; tauryna 500 mg; miedź (w postaci siarczanu miedzi(II), pentahydrat) 12,5 mg; żelazo (w postaci siarczanu żelaza(II), monohydrat) 200 mg; mangan (w postaci tlenku manganu(II)) 40 mg; cynk (w postaci tlenku cynku) 125 mg; jod (bezwodny jodan wapnia) 2 mg; selen (w postaci selenianu(IV) sodu) 0,05 mg
Dodatki technologiczne: ekstrakty tokoferoli z olejów roślinnych (= naturalna witamina E) 48 mg
Termin przydatności do spożycia i numer identyfikacyjny partii: Patrz nadruk na odwrocie opakowania. Termin przydatności do spożycia jest gwarantowany pod warunkiem przechowywania w suchym i chłodnym miejscu. Zalecane żywienie: Przeciętne dzienne dawki dla dorosłych psów podano w tabeli. Właściwą ilość karmy można najlepiej ustalić kontrolując regularnie wagę psa. Karmić na sucho. Pies powinien mieć stały dostęp do świeżej wody do picia.
Hrană completă pentru câini	RO
Pentru câinii adulți de talie mică și medie.
Procent de proteină animală din proteina totală: 80%
Compoziție: proteine din carne de pasăre, uscate (27%); amidon din cartofi; făină de mazăre; grăsime de pasăre; făină de bob (Vicia faba); tăiței de sfeclă, deshidratați, fără zahăr; făină de pește din pește de mare; drojdie de bere inactivă, uscată (2,5%); roșcove, uscate; ulei de somon (1,5%); ficat de pasăre, hidrolizat; fibre de mazăre; semințe de in (1,1%); clorură de sodiu; clorură de potasiu; plante uscate (frunze de urzică, rădăcină de gențiană, țintaură, mușețel, fenicul, chimen, vâsc, coada șoricelului, frunze de mur) (0,2%); yucca schidigera (0,025%)
Constituenți analitici: proteine 26%; conținut de grăsimi 14%; cenușă brută 6,8%; fibre brute 2,5%; umiditate 10%; calciu 1,3%; fosfor 0,9%; sodiu 0,3%
Aditivi pe kg: Aditivi nutritivi: vitamina A 13.000 UI; vitamina D3 1.300 UI; vitamina E 130 mg; taurină 500 mg; cupru (sub formă de sulfat de cupru (II), pentahidrat) 12,5 mg; fier (sub formă de sulfat de fier (II) monohidrat) 200 mg; mangan (sub formă de oxid de mangan (II)) 40 mg; zinc (sub formă de oxid de zinc) 125 mg; iod (iodat de calciu anhidru) 2 mg; seleniu (sub formă de selenit de sodiu) 0,05 mg
Aditivi tehnologici: extracte de tocoferoli din uleiuri vegetale (= vitamina E naturală) 48 mg
A se consuma, de preferință, până la sfârșitul / Număr lot: A se vedea pe spatele ambalajului. Perioada de valabilitate presupune o depozitare corespunzătoare, la loc răcoros și uscat. Recomandări pentru hrănire: Cantitățile medii pentru hrănirea câinilor adulți sunt menționate în tabelul de pe ambalaj. Cantitatea corectă de hrană poate fi determinată prin controlul periodic al greutății câinelui. Se administrează în stare uscată. Animalul trebuie să aibă întotdeauna la dispoziție apă proaspătă de băut.
Potpuna hrana za pse	RS
Za odrasle pse malih i srednje velikih rasa.
Udeo proteina životinjskog porekla u ukupnoj količini proteina: 80%
Sastav: proteini živine, sušeni (27%); krompirov skrob; brašno od graška; živinska mast; brašno od boba (Vicia faba); pulpa šećerne repe, dehidrirana, bez šećera; riblje brašno od morske ribe; pivski kvasac, inaktiviran, sušen (2,5%); rogač, delimičan, sušen; ulje lososa (1,5%); hidrolizovana živinska džigerica; vlakna graška; seme lana (1,1%); natrijum hlorid; kalijum hlorid; bilje, sušeno (lišće koprive, koren srčanika, kičica, kamilica, morač, kim, imela, hajdučka trava, lišće kupine) (0,2%); yucca schidigera (0,025%)
Analitički sastav: sirovi proteini 26%; sirove masti 14%; sirovi pepeo 6,8%; sirova vlakna 2,5%; vlaga 10%; kalcijum 1,3%; fosfor 0,9%; natrijum 0,3%
Dodaci po kg: Nutritivni dodaci: vitamin A 13.000 IJ; vitamin D3 1.300 IJ; vitamin E 130 mg; taurin 500 mg; bakar (bakar(II) sulfat pentahidrat) 12,5 mg; gvožđe (gvožđe(II) sulfat monohidrat) 200 mg; mangan (mangan(II) oksid) 40 mg; cink (cink oksid) 125 mg; jod (kalcijum jodat bezvodni) 2 mg; selen (natrijum selenit) 0,05 mg
Tehnološki dodaci: ekstrakti tokoferola biljnog porekla (= prirodni vitamin E) 48 mg
Rok trajanja i referentni broj serije: videti na poleđini pakovanja. Minimalni rok trajanja je važeći ukoliko se roba čuva na suvom i hladnom mestu. Preporuka za hranjenje: Prosečne vrednosti za hranjenje odraslih pasa navedene su u tabeli. Tačna količina hrane može se najpravilnije utvrditi redovnom kontrolom težine psa. Hraniti suvom hranom. Pas uvek mora imati na raspolaganju svežu vodu za piće.
Сбалансированный корм для собак	RU	GUS
Для взрослых собак мелких и средних пород.
Содержание животного белка в общем белке: 80%
Состав: белок мяса домашней птицы, сушеный (27%); картофельный крахмал; гороховая мука; жир домашней птицы; бобовая мука (Vicia faba); свекловичный жом сушеный, обессахаренный; рыбная мука из морской рыбы; пивные дрожжи, неактивированные, сушеные (2,5%); шрот рожкового дерева, сушеный; рыбий жир (лосось) (1,5%); гидролизат печени птицы; клетчатка гороха; льняное семя (1,1%); поваренная соль; калий хлористый; травы сушеные (листья крапивы, корень горечавки, золототысячник, ромашка, фенхель, тмин, омела, тысячелистник, листья ежевики) (0,2%); экстракт юкки (0,025%)
Анализ: белок 26%; жир 14%; сырая зола 6,8%; клетчатка 2,5%; влажность 10%; кальций 1,3%; фосфор 0,9%; натрий 0,3%
Добавки на кг: Пищевые добавки: витамин A 13 000 МЕ; витамин D3 1 300 МЕ; витамин E 130 мг; таурин 500 мг; медь 12,5 мг; железо 200 мг; марганец 40 мг; цинк 125 мг; йод 2 мг; селен 0,05 мг
Технологические добавки: экстракт токоферола растительного происхождения (= натуральный витамин E) 48 мг
Срок годности (BEST BEFORE) и номер партии: См. на обратной стороне упаковки. Хранить в сухом прохладном месте. Рекомендации по кормлению: Средние показатели кормления для взрослых собак указаны в таблице. Правильное количество корма лучше всего определять путём регулярного контроля веса собаки. Кормить сухим. Собака должна всегда иметь доступ к свежей питьевой воде.
Popolna hrana za pse	SI
Za odrasle pse majhnih in srednjih velikih pasem.
Delež živalskih beljakovin pri celotni vsebnosti beljakovin: 80%
Sestava: perutninske beljakovine, sušene (27%); krompirjev škrob; grahova moka; perutninska maščoba; fižolova moka (Vicia faba); sušeni pesni rezanci, brez sladkorja; ribja moka iz morske ribe; pivski kvas, inaktiviran, sušen (2,5%); rožiči, sušeni; lososovo olje (1,5%); perutninska jetra, hidrolizirana; grahova vlakna; lanena semena (1,1%); natrijev klorid; kalijev klorid; zelišča, sušena (kopriyovi listi, koren encijana, tavžentroža, kamilica, janež, kumina, omela, rman, listi robide) (0,2%); yucca schidigera (0,025%)
Analitske sestavine: beljakovine 26%; surove maščobe 14%; surovi pepel 6,8%; surove vlaknine 2,5%; vlaga 10%; kalcij 1,3%; fosfor 0,9%; natrij 0,3%
Dodatki na kg: Nutritivni dodatki: vitamin A 13.000 IE; vitamin D3 1.300 IE; vitamin E 130 mg; tavrin 500 mg; baker (bakrov(II) sulfat pentahidrat) 12,5 mg; železo (železov(II) sulfat monohidrat) 200 mg; mangan (manganov(II) oksid) 40 mg; cink (cinkov oksid) 125 mg; jod (brezvodni kalcijev jodat) 2 mg; selen (natrijev selenit) 0,05 mg
Tehnološki dodatki: ekstrakti tokoferolov iz rastlinskih olj (= naravni vitamin E) 48 mg
Uporabno najmanj do in serijska številka: Glej odtis na embalaži. Navedeni rok uporabe je zagotovljen le ob ustreznem shranjevanju na hladnem in suhem mestu. Priporočilo za hranjenje: Povprečne dnevne količine hrane za odrasle pse so navedene v tabeli. Pravo količino hrane je najbolje ugotoviti z rednim kontroliranjem teže psa. Hraniti suho. Pes mora imeti vedno na voljo svežo pitno vodo.
Kompletné krmivo pre psov	SK
Pre dospelých psov malých a stredne veľkých plemien.
Podiel živočíšnych bielkovín v celkovom objeme bielkovín: 80%
Zloženie: bielkoviny z hydinového mäsa, sušené (27%); zemiakový škrob; hrachová múka; hydinový tuk; bôbová múka (Vicia faba); sušené repné rezky, odcukrované; rybia múčka z morských rýb; pivovarské kvasnice, inaktívne, sušené (2,5%); rohovník; lososový olej (1,5%); hydrolyzovaná hydinová pečeň; hrachová vláknina; ľanové semeno (1,1%); chlorid sodný; chlorid draselný; byliny sušené (listy žihľavy, koreň horca, zemežlč, rumanček, fenikel, rasca, imelo, rebríček, listy ostružiny) (0,2%); juka (0,025%)
Analytické zložky: surové bielkoviny 26%; surový tuk 14%; surový popol 6,8%; surová vláknina 2,5%; vlhkosť 10%; vápnik 1,3%; fosfor 0,9%; sodík 0,3%
Doplnkové látky na kg: Výživové doplnkové látky: vitamín A 13.000 IU; vitamín D3 1.300 IU; vitamín E 130 mg; taurín 500 mg; meď (ako síran meďnatý pentahydrát) 12,5 mg; železo (ako síran železnatý monohydrát) 200 mg; mangán (ako oxid manganatý) 40 mg; zinok (ako oxid zinočnatý) 125 mg; jód (ako jodičnan vápenatý, bezvodý) 2 mg; selén (ako seleničitan sodný) 0,05 mg
Technologické doplnkové látky: tokoferolové extrakty z rastlinných olejov (= prírodný vitamín E) 48 mg
Dátum minimálnej trvanlivosti (BEST BEFORE) a referenčné číslo šarže: Pozri potlač na zadnej strane balenia. Minimálna trvanlivosť je podmienená skladovaním na suchom a chladnom mieste. Odporúčané dávkovanie: Priemerné dávky kŕmenia pre dospelých psov sú uvedené v tabuľke. Správne množstvo krmiva najlepšie určíte pravidelnou kontrolou hmotnosti psa. Podávajte suché. Pes musí mať vždy k dispozícii čerstvú pitnú vodu.
Köpekler için sade mama	TR
Küçük ve orta boy ırk köpeklerin yetişkinleri için.
Hayvansal proteinin, toplam proteindeki payı: %80
Bileşenler: Tavuk proteini, kurutulmuş (%27); patates nişastası; bezelye unu; kanatlı yağı; fasulye unu (Vicia faba); kurutulmuş şeker pancarı küspesi, şekersiz; deniz balığından elde edilmiş balık unu; bira mayası, inaktif, kurutulmuş (%2,5); keçiboynuzu, kurutulmuş; somon yağı (%1,5); hidrolize tavuk ciğeri; bezelye lifi; keten tohumu (%1,1); sodyum klorür; potasyum klorür; kurutulmuş otlar (%0,2); yucca schidigera (%0,025)
Analitik bileşenler: Protein %26; yağ içeriği %14; ham kül %6,8; ham selüloz %2,5; nem %10; kalsiyum %1,3; fosfor %0,9; sodyum %0,3
Katkı maddeleri/kg: Besinsel katkı maddeleri: A vitamini 13.000 IU; D3 vitamini 1.300 IU; E vitamini 130 mg; taurin 500 mg; bakır 12,5 mg; demir 200 mg; manganez 40 mg; çinko 125 mg; iyot 2 mg; selenyum 0,05 mg
Teknolojik katkı maddeleri: bitkisel yağlardan elde edilen tokoferol özleri (= doğal E vitamini) 48 mg
Son kullanım tarihi ve parti numarası: Ambalajın arkasındaki yazıya bakınız. Serin ve kuru bir yerde saklayınız. Besleme tavsiyesi: Yetişkin köpekler için ortalama besleme miktarları tabloda belirtilmiştir. Kuru olarak verilmelidir. Taze içme suyu daima bulunmalıdır.
Збалансований корм для собак	UA
Для дорослих собак дрібних і середніх порід.
Співвідношення тваринного білка до іншого білка: 80%
Склад: білок птиці, сушений (27%); картопляний крохмаль; горохове борошно; жир свійської птиці; бобове борошно (Vicia faba); буряковий жом, сушений, знецукрений; рибне борошно з морської риби; пивні дріжджі, інактивовані, сушені (2,5%); ріжкове дерево, сушене; лососева олія (1,5%); печінка птиці, гідролізована; волокно гороху; насіння льону (1,1%); хлорид натрію; хлорид калію; трави, сушені (листя кропиви, корінь тирличу, золототисячник, ромашка, фенхель, кмин, омела, деревій, листя ожини) (0,2%); юка шидігера (0,025%)
Вміст: протеїн 26%; жири 14%; зола 6,8%; клітковина 2,5%; вологість 10%; кальцій 1,3%; фосфор 0,9%; натрій 0,3%
Добавки на кг: Харчові добавки: вітамін A 13 000 МО; вітамін D3 1 300 МО; вітамін E 130 мг; таурин 500 мг; мідь 12,5 мг; залізо 200 мг; марганець 40 мг; цинк 125 мг; йод 2 мг; селен 0,05 мг
Технологічні добавки: екстракти токоферолу з рослинних олій (= натуральний вітамін E) 48 мг
Термін придатності та номер партії: Дивіться надруковане на зворотному боці упаковки. Зберігати у сухому прохолодному місці. Рекомендації щодо годування: Середні норми годування для дорослих собак наведено в таблиці. Правильну кількість корму найкраще визначати шляхом регулярного контролю ваги собаки. Годувати сухим. Собака завжди повинна мати доступ до свіжої питної води.
